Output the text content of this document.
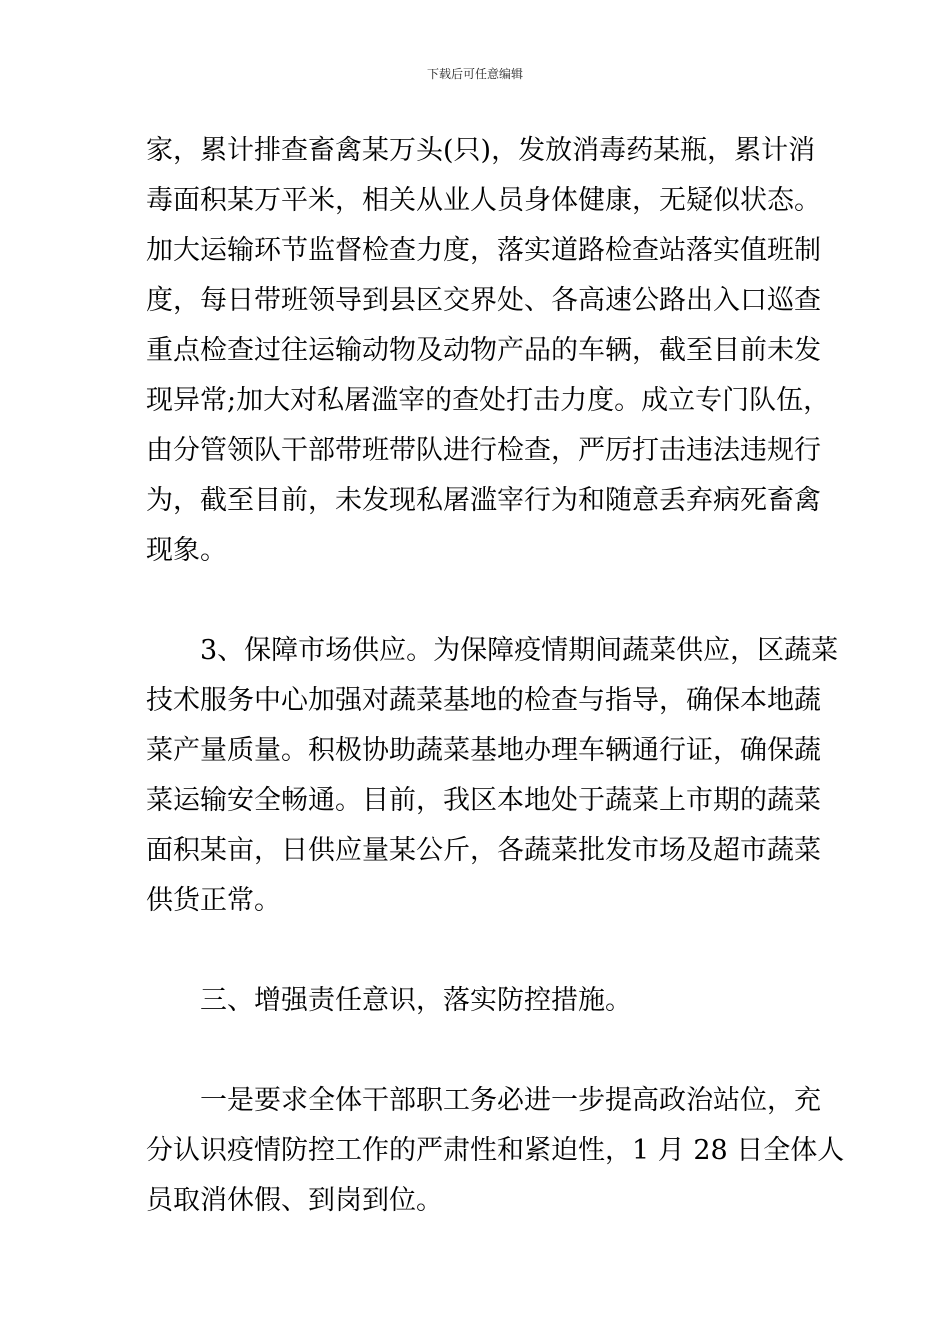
下载后可任意编辑
家，累计排查畜禽某万头(只)，发放消毒药某瓶，累计消
毒面积某万平米，相关从业人员身体健康，无疑似状态。
加大运输环节监督检查力度，落实道路检查站落实值班制
度，每日带班领导到县区交界处、各高速公路出入口巡查
重点检查过往运输动物及动物产品的车辆，截至目前未发
现异常;加大对私屠滥宰的查处打击力度。成立专门队伍，
由分管领队干部带班带队进行检查，严厉打击违法违规行
为，截至目前，未发现私屠滥宰行为和随意丢弃病死畜禽
现象。
　　3、保障市场供应。为保障疫情期间蔬菜供应，区蔬菜
技术服务中心加强对蔬菜基地的检查与指导，确保本地蔬
菜产量质量。积极协助蔬菜基地办理车辆通行证，确保蔬
菜运输安全畅通。目前，我区本地处于蔬菜上市期的蔬菜
面积某亩，日供应量某公斤，各蔬菜批发市场及超市蔬菜
供货正常。
　　三、增强责任意识，落实防控措施。
　　一是要求全体干部职工务必进一步提高政治站位，充
分认识疫情防控工作的严肃性和紧迫性，1 月 28 日全体人
员取消休假、到岗到位。
